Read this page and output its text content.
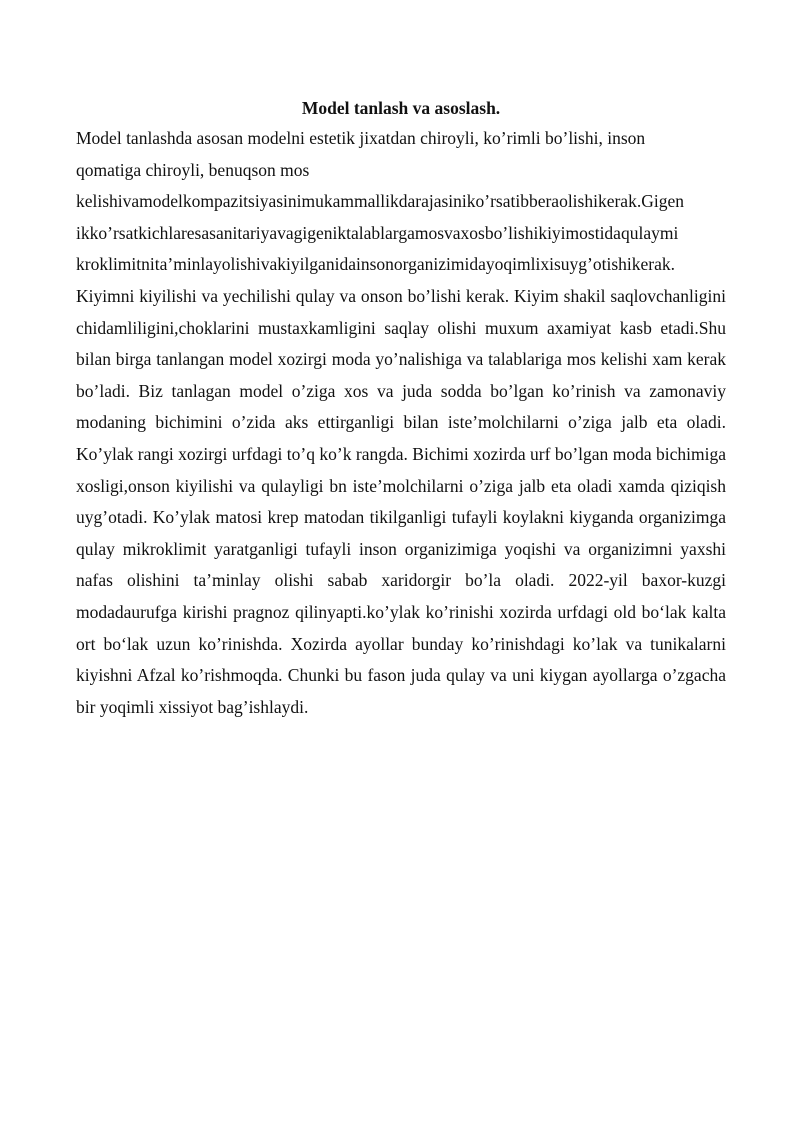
Model tanlash va asoslash.
Model tanlashda asosan modelni estetik jixatdan chiroyli, ko’rimli bo’lishi, inson
qomatiga chiroyli, benuqson mos
kelishivamodelkompazitsiyasinimukammallikdarajasiniko’rsatibberaolishikerak.Gigen
ikko’rsatkichlaresasanitariyavagigeniktalablargamosvaxosbo’lishikiyimostidaqulaymi
kroklimitnita’minlayolishivakiyilganidainsonorganizimidayoqimlixisuyg’otishikerak.

Kiyimni kiyilishi va yechilishi qulay va onson bo’lishi kerak. Kiyim shakil saqlovchanligini chidamliligini,choklarini mustaxkamligini saqlay olishi muxum axamiyat kasb etadi.Shu bilan birga tanlangan model xozirgi moda yo’nalishiga va talablariga mos kelishi xam kerak bo’ladi. Biz tanlagan model o’ziga xos va juda sodda bo’lgan ko’rinish va zamonaviy modaning bichimini o’zida aks ettirganligi bilan iste’molchilarni o’ziga jalb eta oladi. Ko’ylak rangi xozirgi urfdagi to’q ko’k rangda. Bichimi xozirda urf bo’lgan moda bichimiga xosligi,onson kiyilishi va qulayligi bn iste’molchilarni o’ziga jalb eta oladi xamda qiziqish uyg’otadi. Ko’ylak matosi krep matodan tikilganligi tufayli koylakni kiyganda organizimga qulay mikroklimit yaratganligi tufayli inson organizimiga yoqishi va organizimni yaxshi nafas olishini ta’minlay olishi sabab xaridorgir bo’la oladi. 2022-yil baxor-kuzgi modadaurufga kirishi pragnoz qilinyapti.ko’ylak ko’rinishi xozirda urfdagi old bo‘lak kalta ort bo‘lak uzun ko’rinishda. Xozirda ayollar bunday ko’rinishdagi ko’lak va tunikalarni kiyishni Afzal ko’rishmoqda. Chunki bu fason juda qulay va uni kiygan ayollarga o’zgacha bir yoqimli xissiyot bag’ishlaydi.
